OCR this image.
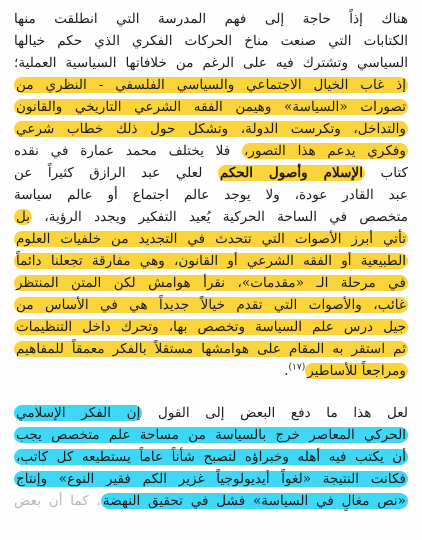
هناك إذاً حاجة إلى فهم المدرسة التي انطلقت منها
الكتابات التي صنعت مناخ الحركات الفكري الذي حكم خيالها
السياسي وتشترك فيه على الرغم من خلافاتها السياسية العملية؛
إذ غاب الخيال الاجتماعي والسياسي الفلسفي - النظري من
تصورات «السياسة» وهيمن الفقه الشرعي التاريخي والقانون
والتداخل، وتكرست الدولة، وتشكل حول ذلك خطاب شرعي
وفكري يدعم هذا التصور، فلا يختلف محمد عمارة في نقده
كتاب الإسلام وأصول الحكم لعلي عبد الرازق كثيراً عن
عبد القادر عودة، ولا يوجد عالم اجتماع أو عالم سياسة
متخصص في الساحة الحركية يُعيد التفكير ويجدد الرؤية، بل
تأتي أبرز الأصوات التي تتحدث في التجديد من خلفيات العلوم
الطبيعية أو الفقه الشرعي أو القانون، وهي مفارقة تجعلنا دائماً
في مرحلة الـ «مقدمات»، نقرأ هوامش لكن المتن المنتظر
غائب، والأصوات التي تقدم خيالاً جديداً هي في الأساس من
جيل درس علم السياسة وتخصص بها، وتحرك داخل التنظيمات
ثم استقر به المقام على هوامشها مستقلاً بالفكر معمقاً للمفاهيم
ومراجعاً للأساطير$^{(١٧)}$.
لعل هذا ما دفع البعض إلى القول إن الفكر الإسلامي
الحركي المعاصر خرج بالسياسة من مساحة علم متخصص يجب
أن يكتب فيه أهله وخبراؤه لتصبح شأناً عاماً يستطيعه كل كاتب،
فكانت النتيجة «لغواً أيديولوجياً غزير الكم فقير النوع» وإنتاج
«نص مغالٍ في السياسة» فشل في تحقيق النهضة، كما أن بعض
